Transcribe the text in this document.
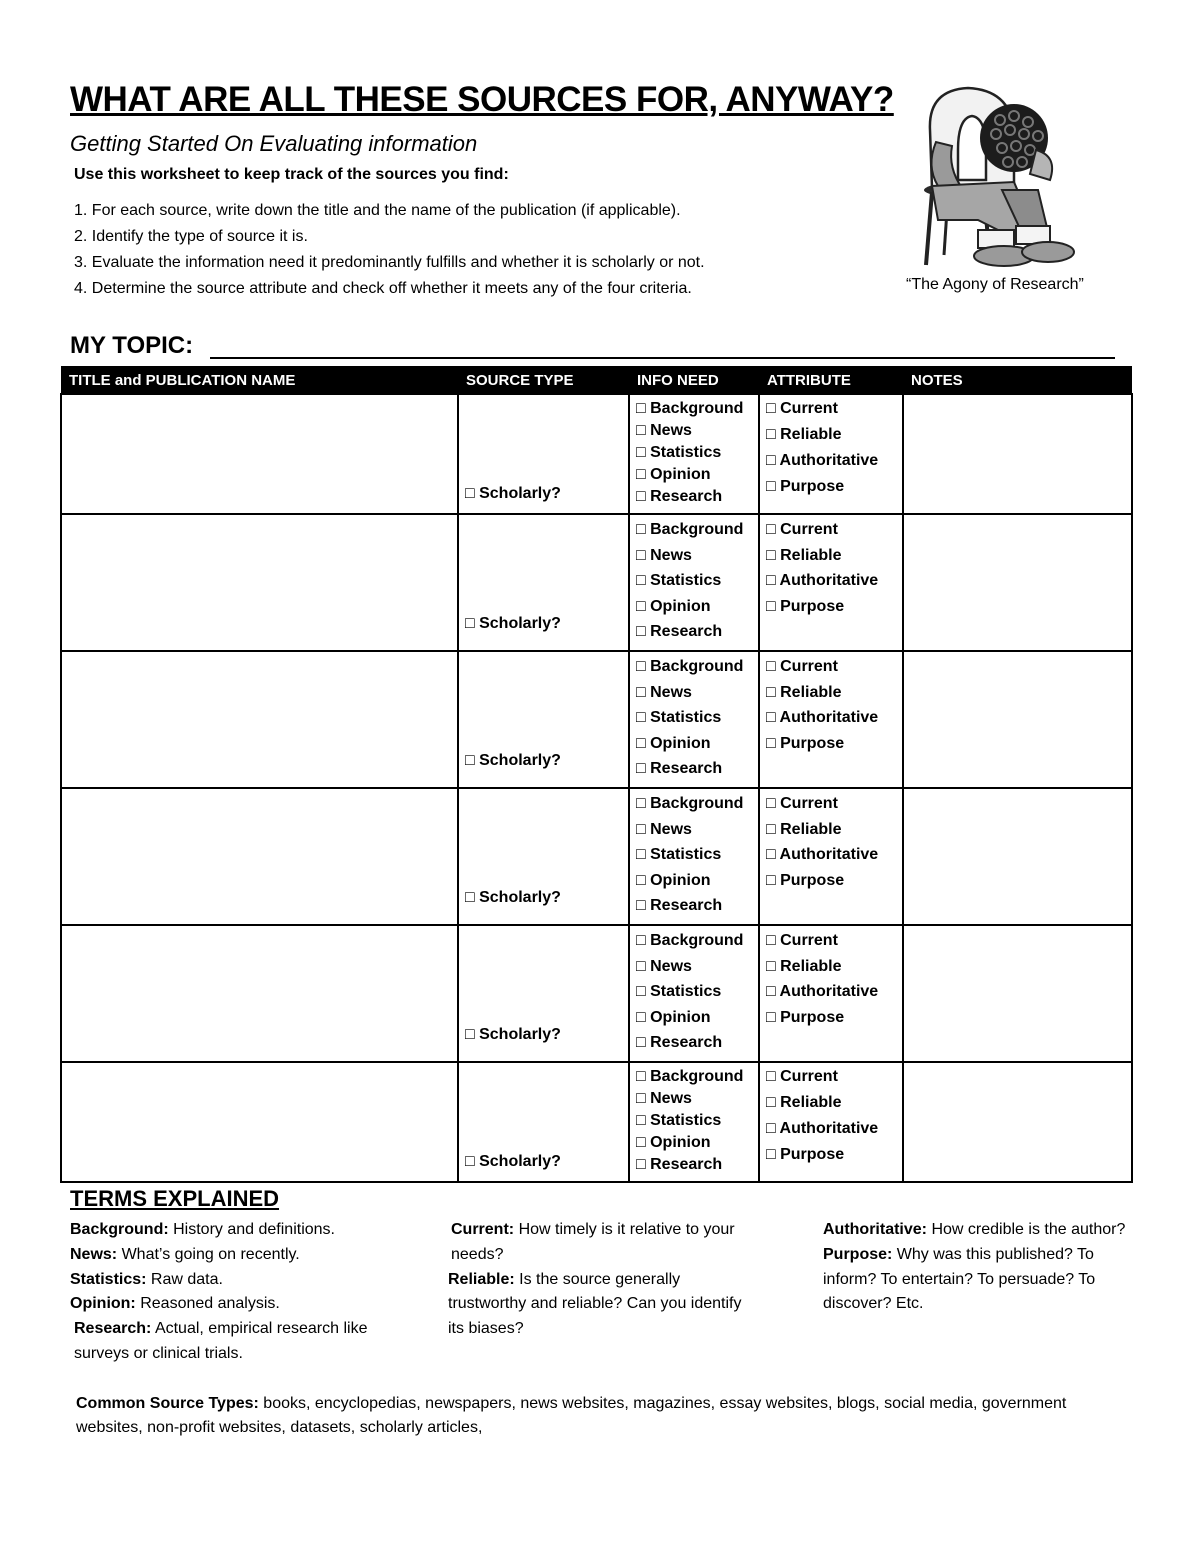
WHAT ARE ALL THESE SOURCES FOR, ANYWAY?
Getting Started On Evaluating information
Use this worksheet to keep track of the sources you find:
1. For each source, write down the title and the name of the publication (if applicable).
2. Identify the type of source it is.
3. Evaluate the information need it predominantly fulfills and whether it is scholarly or not.
4. Determine the source attribute and check off whether it meets any of the four criteria.	“The Agony of Research”
MY TOPIC:
TITLE and PUBLICATION NAME	SOURCE TYPE	INFO NEED	ATTRIBUTE	NOTES

	□ Scholarly?	□ Background
□ News
□ Statistics
□ Opinion
□ Research	□ Current
□ Reliable
□ Authoritative
□ Purpose	

	□ Scholarly?	□ Background
□ News
□ Statistics
□ Opinion
□ Research	□ Current
□ Reliable
□ Authoritative
□ Purpose	

	□ Scholarly?	□ Background
□ News
□ Statistics
□ Opinion
□ Research	□ Current
□ Reliable
□ Authoritative
□ Purpose	

	□ Scholarly?	□ Background
□ News
□ Statistics
□ Opinion
□ Research	□ Current
□ Reliable
□ Authoritative
□ Purpose	

	□ Scholarly?	□ Background
□ News
□ Statistics
□ Opinion
□ Research	□ Current
□ Reliable
□ Authoritative
□ Purpose	

	□ Scholarly?	□ Background
□ News
□ Statistics
□ Opinion
□ Research	□ Current
□ Reliable
□ Authoritative
□ Purpose	

TERMS EXPLAINED

Background: History and definitions.

News: What’s going on recently.

Statistics: Raw data.

Opinion: Reasoned analysis.

Research: Actual, empirical research like surveys or clinical trials.

Current: How timely is it relative to your needs?

Reliable: Is the source generally trustworthy and reliable? Can you identify its biases?

Authoritative: How credible is the author?

Purpose: Why was this published? To inform? To entertain? To persuade? To discover? Etc.

Common Source Types: books, encyclopedias, newspapers, news websites, magazines, essay websites, blogs, social media, government websites, non-profit websites, datasets, scholarly articles,
